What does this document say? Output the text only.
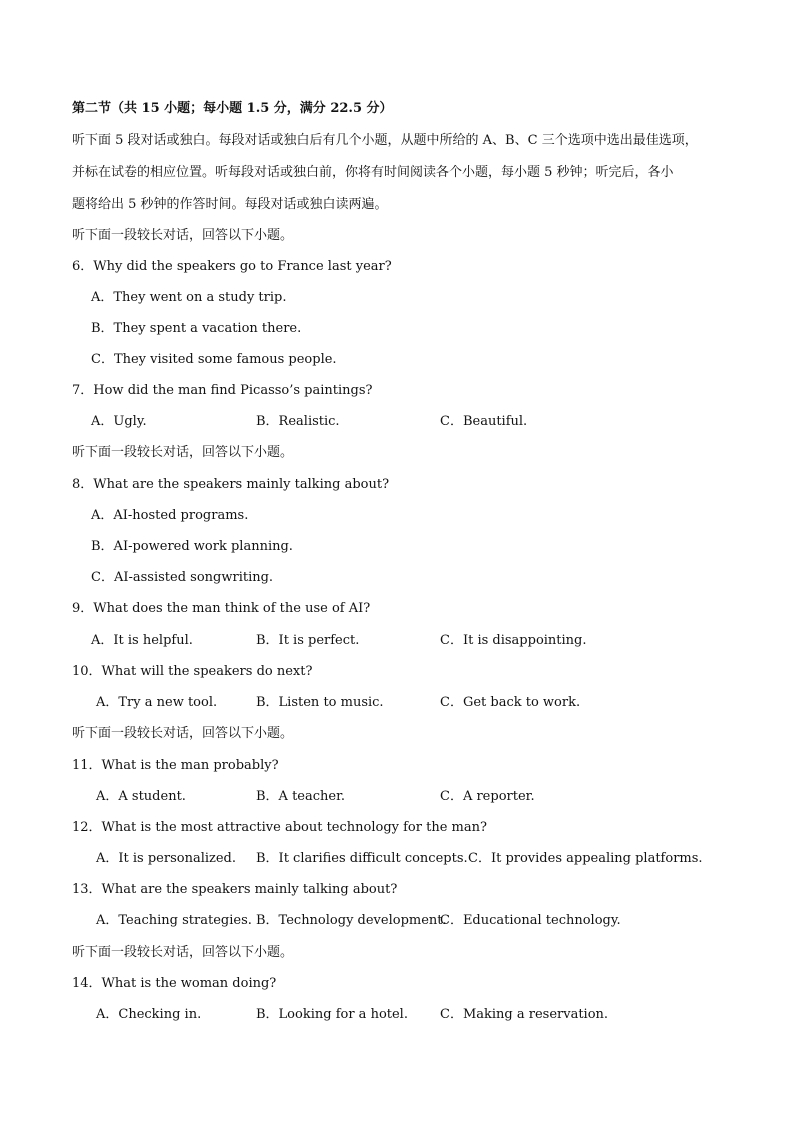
第二节（共 15 小题；每小题 1.5 分，满分 22.5 分）
听下面 5 段对话或独白。每段对话或独白后有几个小题，从题中所给的 A、B、C 三个选项中选出最佳选项，
并标在试卷的相应位置。听每段对话或独白前，你将有时间阅读各个小题，每小题 5 秒钟；听完后，各小
题将给出 5 秒钟的作答时间。每段对话或独白读两遍。
听下面一段较长对话，回答以下小题。
6．Why did the speakers go to France last year?
A．They went on a study trip.
B．They spent a vacation there.
C．They visited some famous people.
7．How did the man find Picasso’s paintings?
A．Ugly.	B．Realistic.	C．Beautiful.
听下面一段较长对话，回答以下小题。
8．What are the speakers mainly talking about?
A．AI-hosted programs.
B．AI-powered work planning.
C．AI-assisted songwriting.
9．What does the man think of the use of AI?
A．It is helpful.	B．It is perfect.	C．It is disappointing.
10．What will the speakers do next?
A．Try a new tool.	B．Listen to music.	C．Get back to work.
听下面一段较长对话，回答以下小题。
11．What is the man probably?
A．A student.	B．A teacher.	C．A reporter.
12．What is the most attractive about technology for the man?
A．It is personalized. B．It clarifies difficult concepts. C．It provides appealing platforms.
13．What are the speakers mainly talking about?
A．Teaching strategies. B．Technology development.
C．Educational technology.
听下面一段较长对话，回答以下小题。
14．What is the woman doing?
A．Checking in.	B．Looking for a hotel. C．Making a reservation.
